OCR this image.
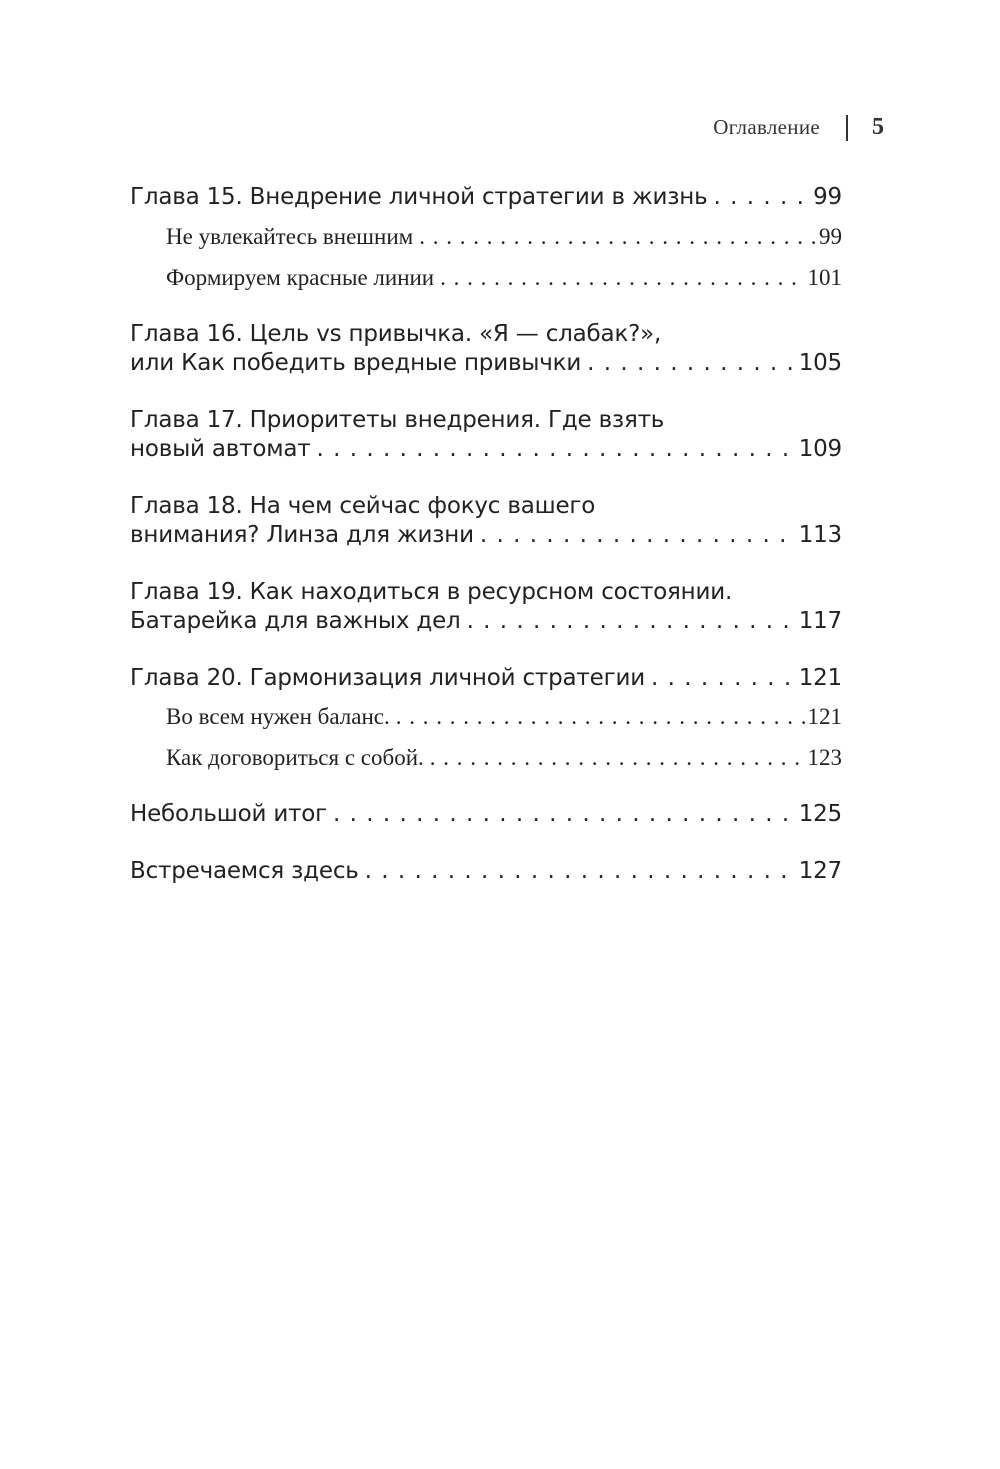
Оглавление 5
Глава 15. Внедрение личной стратегии в жизнь . . .	99
Не увлекайтесь внешним . . .	99
Формируем красные линии . . .	101
Глава 16. Цель vs привычка. «Я — слабак?»,
или Как победить вредные привычки . . .	105
Глава 17. Приоритеты внедрения. Где взять
новый автомат . . .	109
Глава 18. На чем сейчас фокус вашего
внимания? Линза для жизни . . .	113
Глава 19. Как находиться в ресурсном состоянии.
Батарейка для важных дел . . .	117
Глава 20. Гармонизация личной стратегии . . .	121
Во всем нужен баланс. . . .	121
Как договориться с собой. . . .	123
Небольшой итог . . .	125
Встречаемся здесь . . .	127
